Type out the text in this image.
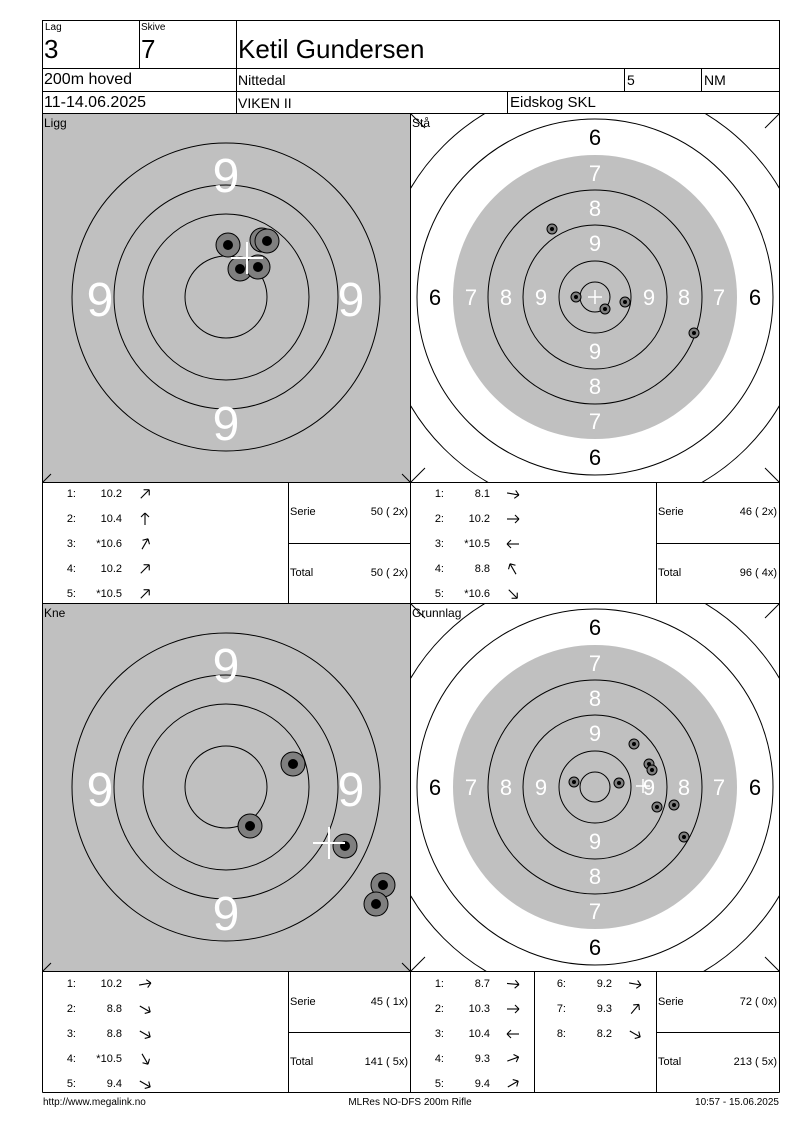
Lag
3
Skive
7	Ketil Gundersen
200m hoved	Nittedal	5	NM
11-14.06.2025	VIKEN II	Eidskog SKL
9
9
9	9
6
6
6	6
7
7
7	7
8
8
8	8
9
9
9	9
9
9
9	9
6
6
6	6
7
7
7	7
8
8
8	8
9
9
9	9
Ligg	Stå
Kne	Grunnlag
1:	10.2
2:	10.4
3:	*10.6
4:	10.2
5:	*10.5
1:	8.1
2:	10.2
3:	*10.5
4:	8.8
5:	*10.6
1:	10.2
2:	8.8
3:	8.8
4:	*10.5
5:	9.4
1:	8.7
2:	10.3
3:	10.4
4:	9.3
5:	9.4
6:	9.2
7:	9.3
8:	8.2
Serie	50 ( 2x)
Total	50 ( 2x)
Serie	46 ( 2x)
Total	96 ( 4x)
Serie	45 ( 1x)
Total	141 ( 5x)
Serie	72 ( 0x)
Total	213 ( 5x)
http://www.megalink.no	MLRes NO-DFS 200m Rifle	10:57 - 15.06.2025
